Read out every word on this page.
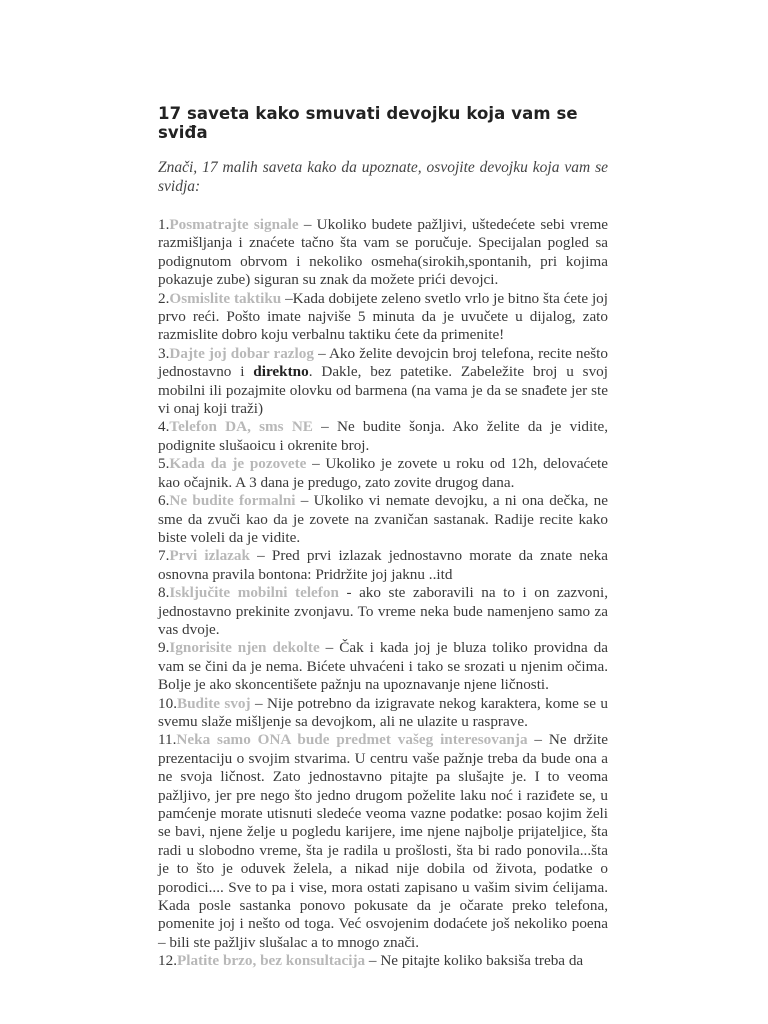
17 saveta kako smuvati devojku koja vam se sviđa

Znači, 17 malih saveta kako da upoznate, osvojite devojku koja vam se svidja:

1.Posmatrajte signale – Ukoliko budete pažljivi, uštedećete sebi vreme razmišljanja i znaćete tačno šta vam se poručuje. Specijalan pogled sa podignutom obrvom i nekoliko osmeha(sirokih,spontanih, pri kojima pokazuje zube) siguran su znak da možete prići devojci.

2.Osmislite taktiku –Kada dobijete zeleno svetlo vrlo je bitno šta ćete joj prvo reći. Pošto imate najviše 5 minuta da je uvučete u dijalog, zato razmislite dobro koju verbalnu taktiku ćete da primenite!

3.Dajte joj dobar razlog – Ako želite devojcin broj telefona, recite nešto jednostavno i direktno. Dakle, bez patetike. Zabeležite broj u svoj mobilni ili pozajmite olovku od barmena (na vama je da se snađete jer ste vi onaj koji traži)

4.Telefon DA, sms NE – Ne budite šonja. Ako želite da je vidite, podignite slušaoicu i okrenite broj.

5.Kada da je pozovete – Ukoliko je zovete u roku od 12h, delovaćete kao očajnik. A 3 dana je predugo, zato zovite drugog dana.

6.Ne budite formalni – Ukoliko vi nemate devojku, a ni ona dečka, ne sme da zvuči kao da je zovete na zvaničan sastanak. Radije recite kako biste voleli da je vidite.

7.Prvi izlazak – Pred prvi izlazak jednostavno morate da znate neka osnovna pravila bontona: Pridržite joj jaknu ..itd

8.Isključite mobilni telefon - ako ste zaboravili na to i on zazvoni, jednostavno prekinite zvonjavu. To vreme neka bude namenjeno samo za vas dvoje.

9.Ignorisite njen dekolte – Čak i kada joj je bluza toliko providna da vam se čini da je nema. Bićete uhvaćeni i tako se srozati u njenim očima. Bolje je ako skoncentišete pažnju na upoznavanje njene ličnosti.

10.Budite svoj – Nije potrebno da izigravate nekog karaktera, kome se u svemu slaže mišljenje sa devojkom, ali ne ulazite u rasprave.

11.Neka samo ONA bude predmet vašeg interesovanja – Ne držite prezentaciju o svojim stvarima. U centru vaše pažnje treba da bude ona a ne svoja ličnost. Zato jednostavno pitajte pa slušajte je. I to veoma pažljivo, jer pre nego što jedno drugom poželite laku noć i raziđete se, u pamćenje morate utisnuti sledeće veoma vazne podatke: posao kojim želi se bavi, njene želje u pogledu karijere, ime njene najbolje prijateljice, šta radi u slobodno vreme, šta je radila u prošlosti, šta bi rado ponovila...šta je to što je oduvek želela, a nikad nije dobila od života, podatke o porodici.... Sve to pa i vise, mora ostati zapisano u vašim sivim ćelijama. Kada posle sastanka ponovo pokusate da je očarate preko telefona, pomenite joj i nešto od toga. Već osvojenim dodaćete još nekoliko poena – bili ste pažljiv slušalac a to mnogo znači.

12.Platite brzo, bez konsultacija – Ne pitajte koliko baksiša treba da
